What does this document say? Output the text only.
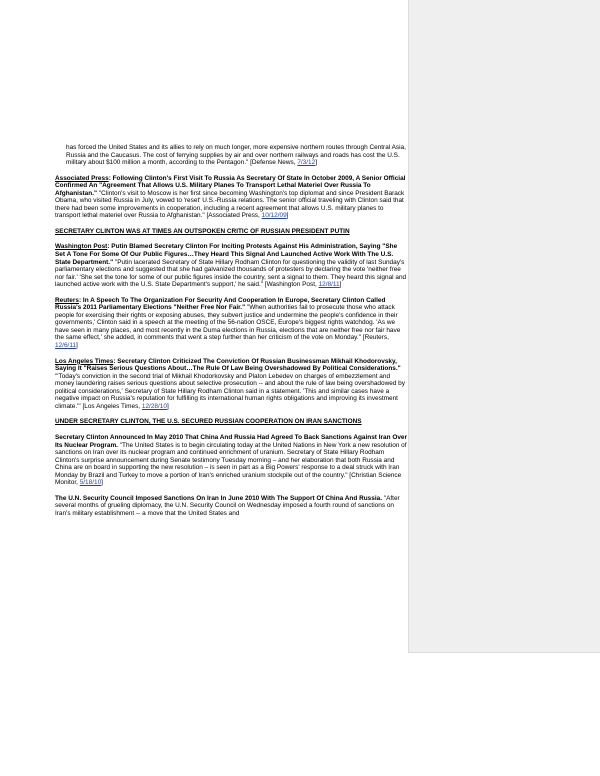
has forced the United States and its allies to rely on much longer, more expensive northern routes through Central Asia, Russia and the Caucasus. The cost of ferrying supplies by air and over northern railways and roads has cost the U.S. military about $100 million a month, according to the Pentagon." [Defense News, 7/3/12]

Associated Press: Following Clinton's First Visit To Russia As Secretary Of State In October 2009, A Senior Official Confirmed An "Agreement That Allows U.S. Military Planes To Transport Lethal Materiel Over Russia To Afghanistan." "Clinton's visit to Moscow is her first since becoming Washington's top diplomat and since President Barack Obama, who visited Russia in July, vowed to 'reset' U.S.-Russia relations. The senior official traveling with Clinton said that there had been some improvements in cooperation, including a recent agreement that allows U.S. military planes to transport lethal materiel over Russia to Afghanistan." [Associated Press, 10/12/09]

SECRETARY CLINTON WAS AT TIMES AN OUTSPOKEN CRITIC OF RUSSIAN PRESIDENT PUTIN

Washington Post: Putin Blamed Secretary Clinton For Inciting Protests Against His Administration, Saying "She Set A Tone For Some Of Our Public Figures…They Heard This Signal And Launched Active Work With The U.S. State Department." "Putin lacerated Secretary of State Hillary Rodham Clinton for questioning the validity of last Sunday's parliamentary elections and suggested that she had galvanized thousands of protesters by declaring the vote 'neither free nor fair.' 'She set the tone for some of our public figures inside the country, sent a signal to them. They heard this signal and launched active work with the U.S. State Department's support,' he said." [Washington Post, 12/8/11]

Reuters: In A Speech To The Organization For Security And Cooperation In Europe, Secretary Clinton Called Russia's 2011 Parliamentary Elections "Neither Free Nor Fair." "When authorities fail to prosecute those who attack people for exercising their rights or exposing abuses, they subvert justice and undermine the people's confidence in their governments,' Clinton said in a speech at the meeting of the 56-nation OSCE, Europe's biggest rights watchdog. 'As we have seen in many places, and most recently in the Duma elections in Russia, elections that are neither free nor fair have the same effect,' she added, in comments that went a step further than her criticism of the vote on Monday." [Reuters, 12/6/11]

Los Angeles Times: Secretary Clinton Criticized The Conviction Of Russian Businessman Mikhail Khodorovsky, Saying It "Raises Serious Questions About…The Rule Of Law Being Overshadowed By Political Considerations." "'Today's conviction in the second trial of Mikhail Khodorkovsky and Platon Lebedev on charges of embezzlement and money laundering raises serious questions about selective prosecution -- and about the rule of law being overshadowed by political considerations,' Secretary of State Hillary Rodham Clinton said in a statement. 'This and similar cases have a negative impact on Russia's reputation for fulfilling its international human rights obligations and improving its investment climate.'" [Los Angeles Times, 12/28/10]

UNDER SECRETARY CLINTON, THE U.S. SECURED RUSSIAN COOPERATION ON IRAN SANCTIONS

Secretary Clinton Announced In May 2010 That China And Russia Had Agreed To Back Sanctions Against Iran Over Its Nuclear Program. "The United States is to begin circulating today at the United Nations in New York a new resolution of sanctions on Iran over its nuclear program and continued enrichment of uranium. Secretary of State Hillary Rodham Clinton's surprise announcement during Senate testimony Tuesday morning – and her elaboration that both Russia and China are on board in supporting the new resolution – is seen in part as a Big Powers' response to a deal struck with Iran Monday by Brazil and Turkey to move a portion of Iran's enriched uranium stockpile out of the country." [Christian Science Monitor, 5/18/10]

The U.N. Security Council Imposed Sanctions On Iran In June 2010 With The Support Of China And Russia. "After several months of grueling diplomacy, the U.N. Security Council on Wednesday imposed a fourth round of sanctions on Iran's military establishment -- a move that the United States and
